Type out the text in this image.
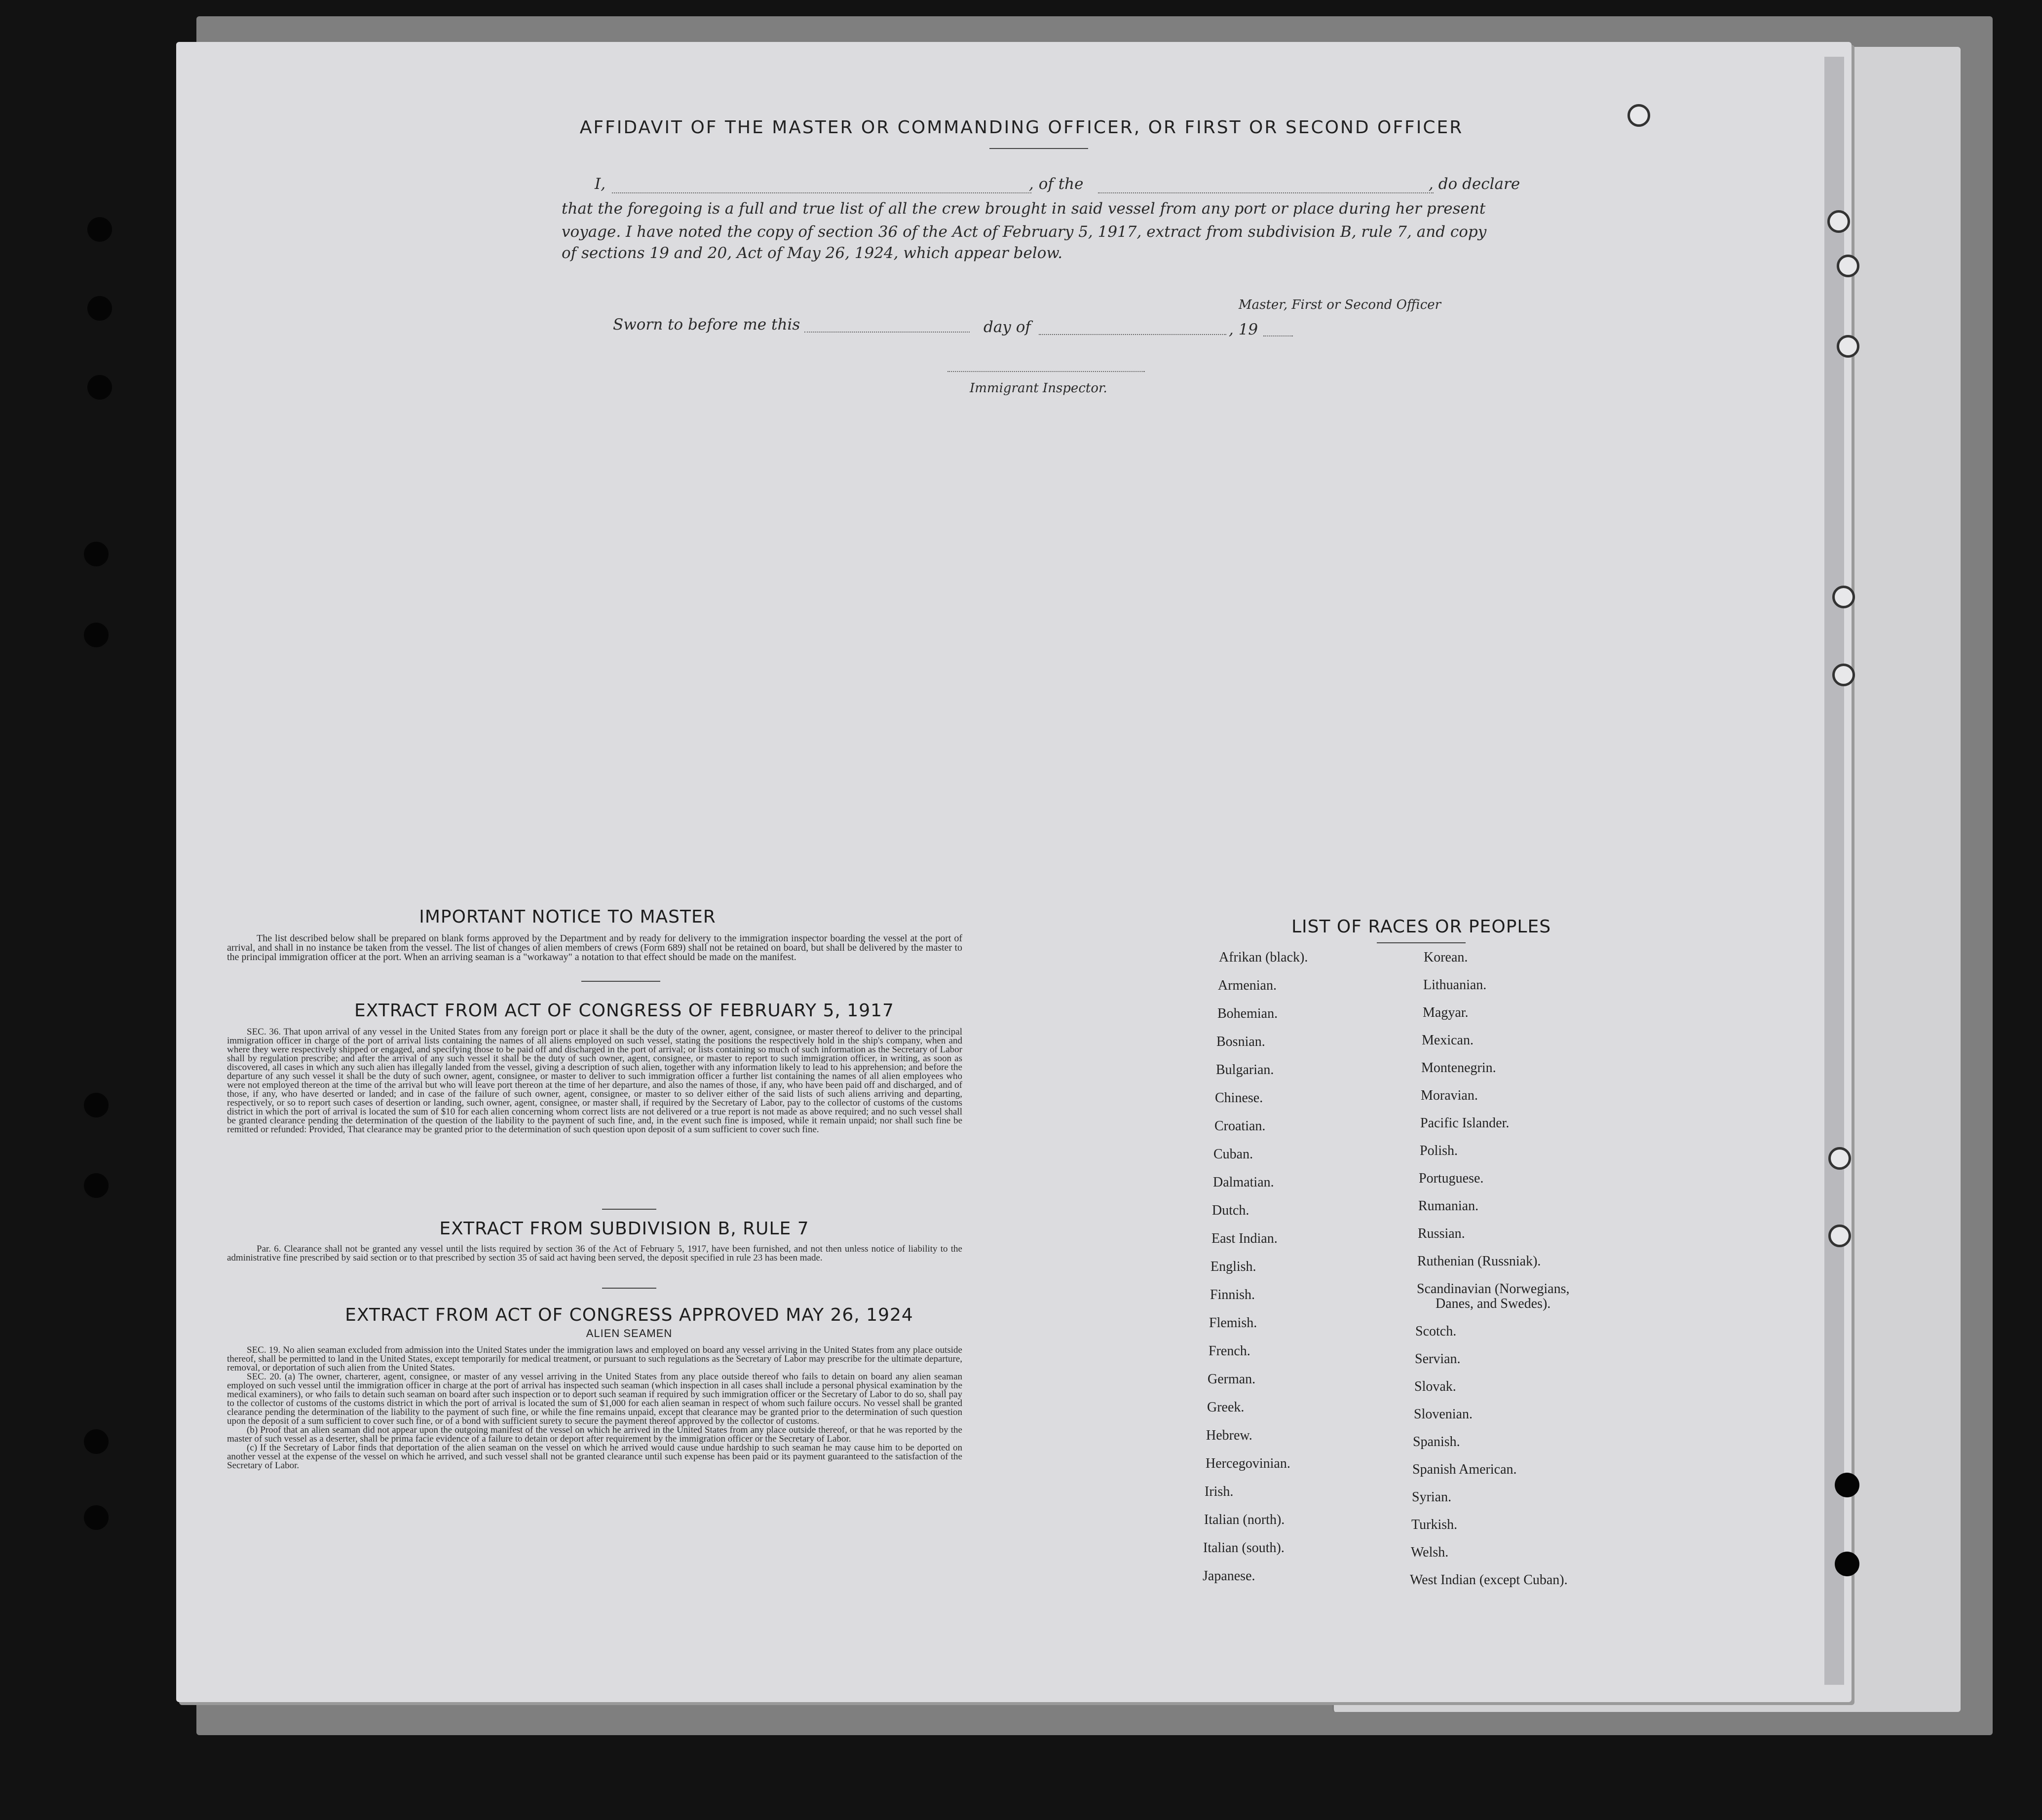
AFFIDAVIT OF THE MASTER OR COMMANDING OFFICER, OR FIRST OR SECOND OFFICER
I,	, of the	, do declare
that the foregoing is a full and true list of all the crew brought in said vessel from any port or place during her present
voyage. I have noted the copy of section 36 of the Act of February 5, 1917, extract from subdivision B, rule 7, and copy
of sections 19 and 20, Act of May 26, 1924, which appear below.
Master, First or Second Officer
Sworn to before me this	day of	, 19
Immigrant Inspector.
IMPORTANT NOTICE TO MASTER
The list described below shall be prepared on blank forms approved by the Department and by ready for delivery to the immigration inspector boarding the vessel at the port of arrival, and shall in no instance be taken from the vessel. The list of changes of alien members of crews (Form 689) shall not be retained on board, but shall be delivered by the master to the principal immigration officer at the port. When an arriving seaman is a "workaway" a notation to that effect should be made on the manifest.
EXTRACT FROM ACT OF CONGRESS OF FEBRUARY 5, 1917
SEC. 36. That upon arrival of any vessel in the United States from any foreign port or place it shall be the duty of the owner, agent, consignee, or master thereof to deliver to the principal immigration officer in charge of the port of arrival lists containing the names of all aliens employed on such vessel, stating the positions the respectively hold in the ship's company, when and where they were respectively shipped or engaged, and specifying those to be paid off and discharged in the port of arrival; or lists containing so much of such information as the Secretary of Labor shall by regulation prescribe; and after the arrival of any such vessel it shall be the duty of such owner, agent, consignee, or master to report to such immigration officer, in writing, as soon as discovered, all cases in which any such alien has illegally landed from the vessel, giving a description of such alien, together with any information likely to lead to his apprehension; and before the departure of any such vessel it shall be the duty of such owner, agent, consignee, or master to deliver to such immigration officer a further list containing the names of all alien employees who were not employed thereon at the time of the arrival but who will leave port thereon at the time of her departure, and also the names of those, if any, who have been paid off and discharged, and of those, if any, who have deserted or landed; and in case of the failure of such owner, agent, consignee, or master to so deliver either of the said lists of such aliens arriving and departing, respectively, or so to report such cases of desertion or landing, such owner, agent, consignee, or master shall, if required by the Secretary of Labor, pay to the collector of customs of the customs district in which the port of arrival is located the sum of $10 for each alien concerning whom correct lists are not delivered or a true report is not made as above required; and no such vessel shall be granted clearance pending the determination of the question of the liability to the payment of such fine, and, in the event such fine is imposed, while it remain unpaid; nor shall such fine be remitted or refunded: Provided, That clearance may be granted prior to the determination of such question upon deposit of a sum sufficient to cover such fine.
EXTRACT FROM SUBDIVISION B, RULE 7
Par. 6. Clearance shall not be granted any vessel until the lists required by section 36 of the Act of February 5, 1917, have been furnished, and not then unless notice of liability to the administrative fine prescribed by said section or to that prescribed by section 35 of said act having been served, the deposit specified in rule 23 has been made.
EXTRACT FROM ACT OF CONGRESS APPROVED MAY 26, 1924
ALIEN SEAMEN
SEC. 19. No alien seaman excluded from admission into the United States under the immigration laws and employed on board any vessel arriving in the United States from any place outside thereof, shall be permitted to land in the United States, except temporarily for medical treatment, or pursuant to such regulations as the Secretary of Labor may prescribe for the ultimate departure, removal, or deportation of such alien from the United States.
SEC. 20. (a) The owner, charterer, agent, consignee, or master of any vessel arriving in the United States from any place outside thereof who fails to detain on board any alien seaman employed on such vessel until the immigration officer in charge at the port of arrival has inspected such seaman (which inspection in all cases shall include a personal physical examination by the medical examiners), or who fails to detain such seaman on board after such inspection or to deport such seaman if required by such immigration officer or the Secretary of Labor to do so, shall pay to the collector of customs of the customs district in which the port of arrival is located the sum of $1,000 for each alien seaman in respect of whom such failure occurs. No vessel shall be granted clearance pending the determination of the liability to the payment of such fine, or while the fine remains unpaid, except that clearance may be granted prior to the determination of such question upon the deposit of a sum sufficient to cover such fine, or of a bond with sufficient surety to secure the payment thereof approved by the collector of customs.
(b) Proof that an alien seaman did not appear upon the outgoing manifest of the vessel on which he arrived in the United States from any place outside thereof, or that he was reported by the master of such vessel as a deserter, shall be prima facie evidence of a failure to detain or deport after requirement by the immigration officer or the Secretary of Labor.
(c) If the Secretary of Labor finds that deportation of the alien seaman on the vessel on which he arrived would cause undue hardship to such seaman he may cause him to be deported on another vessel at the expense of the vessel on which he arrived, and such vessel shall not be granted clearance until such expense has been paid or its payment guaranteed to the satisfaction of the Secretary of Labor.
LIST OF RACES OR PEOPLES
Afrikan (black).
Armenian.
Bohemian.
Bosnian.
Bulgarian.
Chinese.
Croatian.
Cuban.
Dalmatian.
Dutch.
East Indian.
English.
Finnish.
Flemish.
French.
German.
Greek.
Hebrew.
Hercegovinian.
Irish.
Italian (north).
Italian (south).
Japanese.
Korean.
Lithuanian.
Magyar.
Mexican.
Montenegrin.
Moravian.
Pacific Islander.
Polish.
Portuguese.
Rumanian.
Russian.
Ruthenian (Russniak).
Scandinavian (Norwegians,
Danes, and Swedes).
Scotch.
Servian.
Slovak.
Slovenian.
Spanish.
Spanish American.
Syrian.
Turkish.
Welsh.
West Indian (except Cuban).
